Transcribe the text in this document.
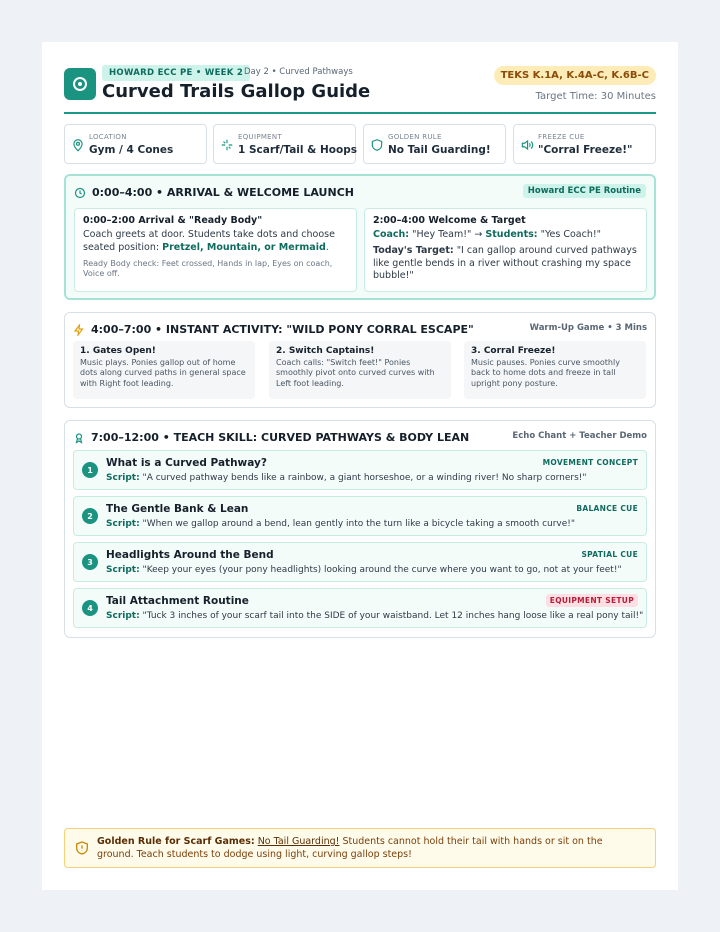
HOWARD ECC PE • WEEK 2 Day 2 • Curved Pathways
Curved Trails Gallop Guide
TEKS K.1A, K.4A-C, K.6B-C
Target Time: 30 Minutes
LOCATION
Gym / 4 Cones
EQUIPMENT
1 Scarf/Tail & Hoops
GOLDEN RULE
No Tail Guarding!
FREEZE CUE
"Corral Freeze!"
0:00–4:00 • ARRIVAL & WELCOME LAUNCH	Howard ECC PE Routine
0:00–2:00 Arrival & "Ready Body"

Coach greets at door. Students take dots and choose seated position: Pretzel, Mountain, or Mermaid.

Ready Body check: Feet crossed, Hands in lap, Eyes on coach, Voice off.

2:00–4:00 Welcome & Target

Coach: "Hey Team!" → Students: "Yes Coach!"

Today's Target: "I can gallop around curved pathways like gentle bends in a river without crashing my space bubble!"

4:00–7:00 • INSTANT ACTIVITY: "WILD PONY CORRAL ESCAPE"	Warm-Up Game • 3 Mins
1. Gates Open!

Music plays. Ponies gallop out of home dots along curved paths in general space with Right foot leading.

2. Switch Captains!

Coach calls: "Switch feet!" Ponies smoothly pivot onto curved curves with Left foot leading.

3. Corral Freeze!

Music pauses. Ponies curve smoothly back to home dots and freeze in tall upright pony posture.

7:00–12:00 • TEACH SKILL: CURVED PATHWAYS & BODY LEAN	Echo Chant + Teacher Demo
1
What is a Curved Pathway?
Script: "A curved pathway bends like a rainbow, a giant horseshoe, or a winding river! No sharp corners!"
MOVEMENT CONCEPT
2
The Gentle Bank & Lean
Script: "When we gallop around a bend, lean gently into the turn like a bicycle taking a smooth curve!"
BALANCE CUE
3
Headlights Around the Bend
Script: "Keep your eyes (your pony headlights) looking around the curve where you want to go, not at your feet!"
SPATIAL CUE
4
Tail Attachment Routine
Script: "Tuck 3 inches of your scarf tail into the SIDE of your waistband. Let 12 inches hang loose like a real pony tail!"
EQUIPMENT SETUP

Golden Rule for Scarf Games: No Tail Guarding! Students cannot hold their tail with hands or sit on the ground. Teach students to dodge using light, curving gallop steps!
